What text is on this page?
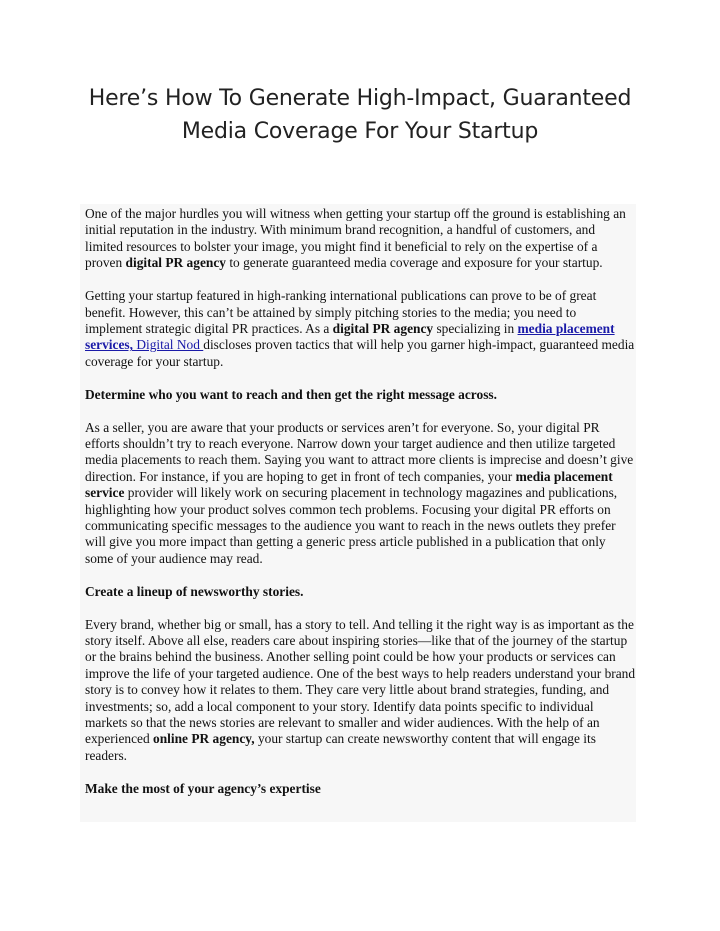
Here’s How To Generate High-Impact, Guaranteed
Media Coverage For Your Startup

One of the major hurdles you will witness when getting your startup off the ground is establishing an initial reputation in the industry. With minimum brand recognition, a handful of customers, and limited resources to bolster your image, you might find it beneficial to rely on the expertise of a proven digital PR agency to generate guaranteed media coverage and exposure for your startup.

Getting your startup featured in high-ranking international publications can prove to be of great benefit. However, this can’t be attained by simply pitching stories to the media; you need to implement strategic digital PR practices. As a digital PR agency specializing in media placement services, Digital Nod discloses proven tactics that will help you garner high-impact, guaranteed media coverage for your startup.

Determine who you want to reach and then get the right message across.

As a seller, you are aware that your products or services aren’t for everyone. So, your digital PR efforts shouldn’t try to reach everyone. Narrow down your target audience and then utilize targeted media placements to reach them. Saying you want to attract more clients is imprecise and doesn’t give direction. For instance, if you are hoping to get in front of tech companies, your media placement service provider will likely work on securing placement in technology magazines and publications, highlighting how your product solves common tech problems. Focusing your digital PR efforts on communicating specific messages to the audience you want to reach in the news outlets they prefer will give you more impact than getting a generic press article published in a publication that only some of your audience may read.

Create a lineup of newsworthy stories.

Every brand, whether big or small, has a story to tell. And telling it the right way is as important as the story itself. Above all else, readers care about inspiring stories—like that of the journey of the startup or the brains behind the business. Another selling point could be how your products or services can improve the life of your targeted audience. One of the best ways to help readers understand your brand story is to convey how it relates to them. They care very little about brand strategies, funding, and investments; so, add a local component to your story. Identify data points specific to individual markets so that the news stories are relevant to smaller and wider audiences. With the help of an experienced online PR agency, your startup can create newsworthy content that will engage its readers.

Make the most of your agency’s expertise
